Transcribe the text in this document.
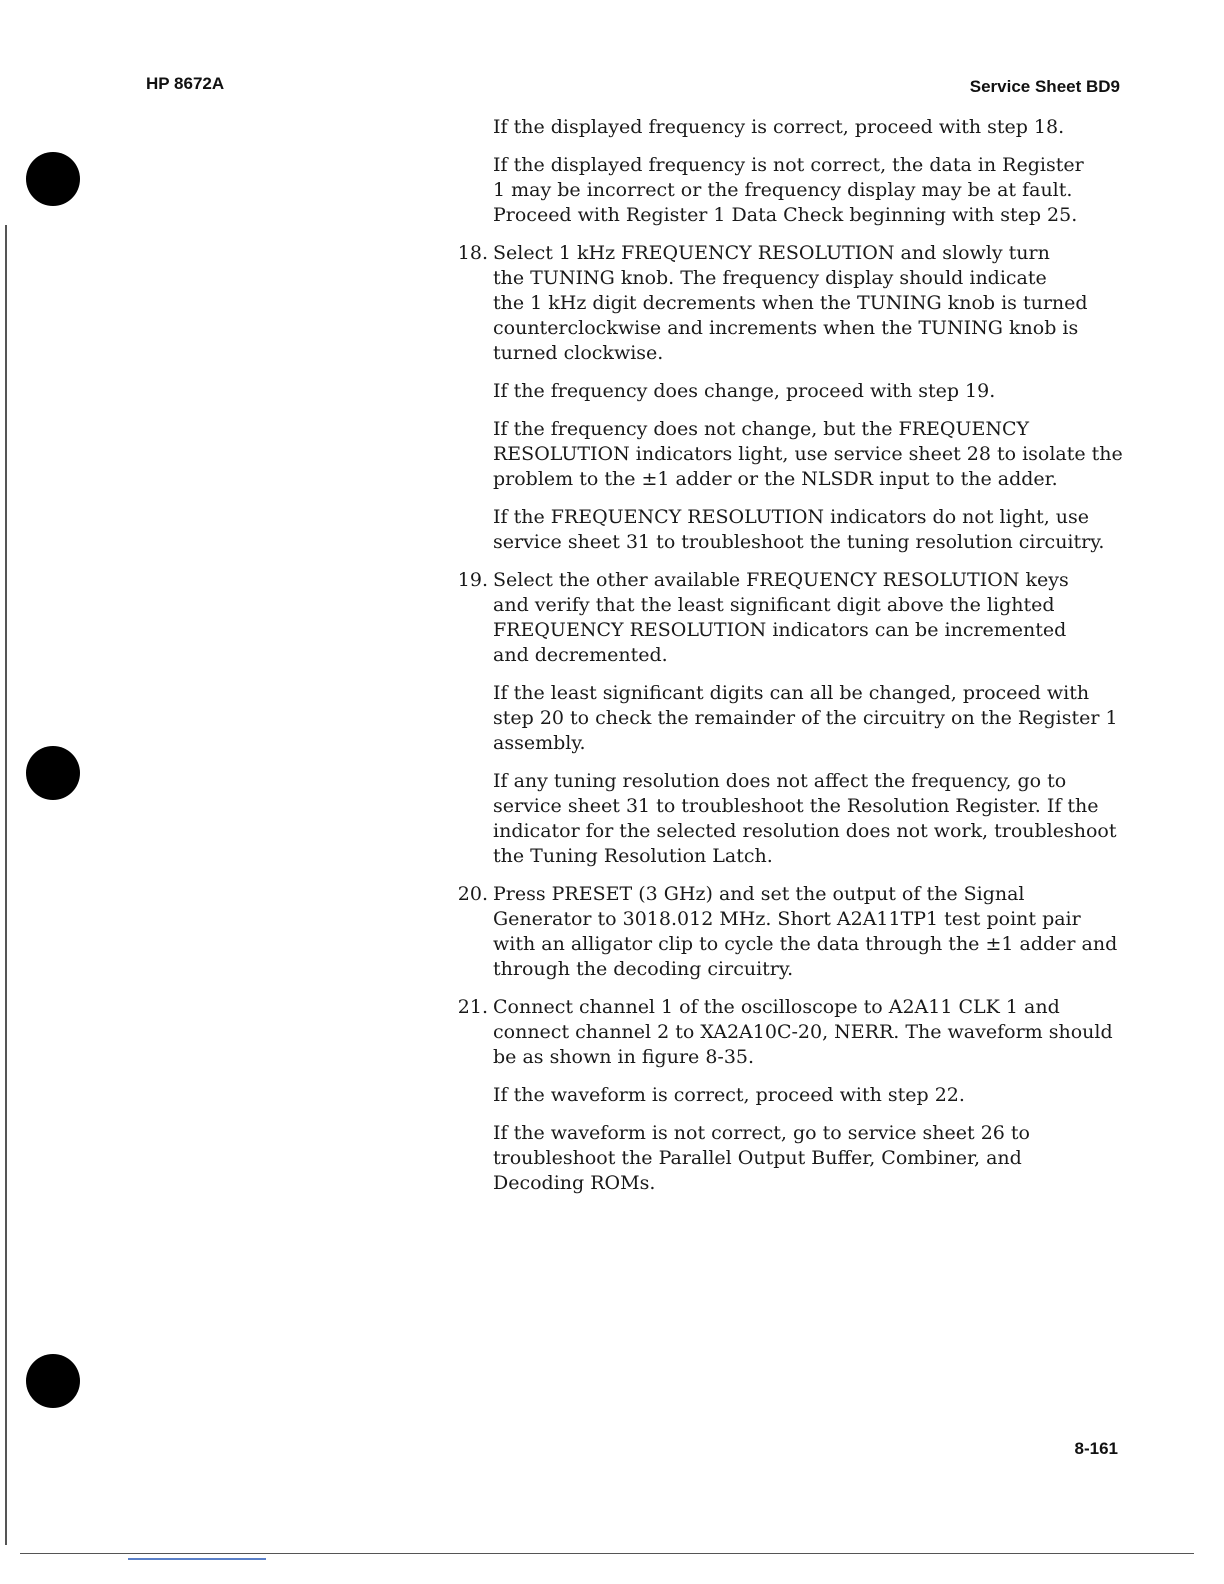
HP 8672A	Service Sheet BD9

If the displayed frequency is correct, proceed with step 18.

If the displayed frequency is not correct, the data in Register
1 may be incorrect or the frequency display may be at fault.
Proceed with Register 1 Data Check beginning with step 25.

18. Select 1 kHz FREQUENCY RESOLUTION and slowly turn
the TUNING knob. The frequency display should indicate
the 1 kHz digit decrements when the TUNING knob is turned
counterclockwise and increments when the TUNING knob is
turned clockwise.

If the frequency does change, proceed with step 19.

If the frequency does not change, but the FREQUENCY
RESOLUTION indicators light, use service sheet 28 to isolate the
problem to the ±1 adder or the NLSDR input to the adder.

If the FREQUENCY RESOLUTION indicators do not light, use
service sheet 31 to troubleshoot the tuning resolution circuitry.

19. Select the other available FREQUENCY RESOLUTION keys
and verify that the least significant digit above the lighted
FREQUENCY RESOLUTION indicators can be incremented
and decremented.

If the least significant digits can all be changed, proceed with
step 20 to check the remainder of the circuitry on the Register 1
assembly.

If any tuning resolution does not affect the frequency, go to
service sheet 31 to troubleshoot the Resolution Register. If the
indicator for the selected resolution does not work, troubleshoot
the Tuning Resolution Latch.

20. Press PRESET (3 GHz) and set the output of the Signal
Generator to 3018.012 MHz. Short A2A11TP1 test point pair
with an alligator clip to cycle the data through the ±1 adder and
through the decoding circuitry.

21. Connect channel 1 of the oscilloscope to A2A11 CLK 1 and
connect channel 2 to XA2A10C-20, NERR. The waveform should
be as shown in figure 8-35.

If the waveform is correct, proceed with step 22.

If the waveform is not correct, go to service sheet 26 to
troubleshoot the Parallel Output Buffer, Combiner, and
Decoding ROMs.

8-161
